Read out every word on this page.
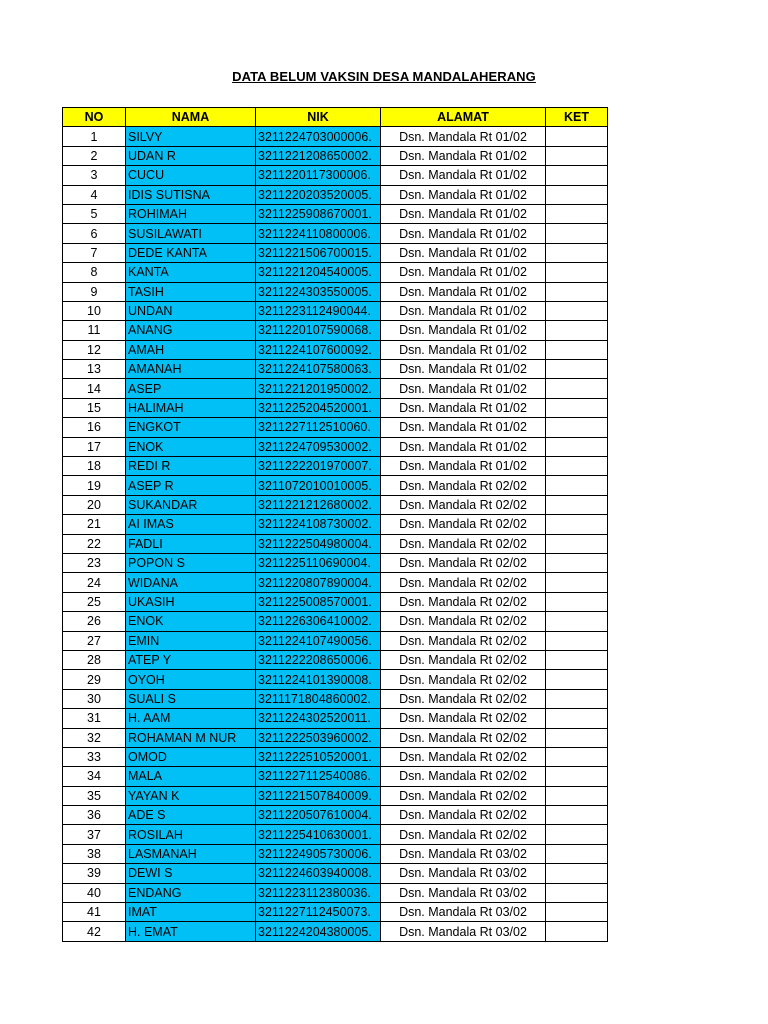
DATA BELUM VAKSIN DESA MANDALAHERANG
NO	NAMA	NIK	ALAMAT	KET
1	SILVY	3211224703000006.	Dsn. Mandala Rt 01/02	
2	UDAN R	3211221208650002.	Dsn. Mandala Rt 01/02	
3	CUCU	3211220117300006.	Dsn. Mandala Rt 01/02	
4	IDIS SUTISNA	3211220203520005.	Dsn. Mandala Rt 01/02	
5	ROHIMAH	3211225908670001.	Dsn. Mandala Rt 01/02	
6	SUSILAWATI	3211224110800006.	Dsn. Mandala Rt 01/02	
7	DEDE KANTA	3211221506700015.	Dsn. Mandala Rt 01/02	
8	KANTA	3211221204540005.	Dsn. Mandala Rt 01/02	
9	TASIH	3211224303550005.	Dsn. Mandala Rt 01/02	
10	UNDAN	3211223112490044.	Dsn. Mandala Rt 01/02	
11	ANANG	3211220107590068.	Dsn. Mandala Rt 01/02	
12	AMAH	3211224107600092.	Dsn. Mandala Rt 01/02	
13	AMANAH	3211224107580063.	Dsn. Mandala Rt 01/02	
14	ASEP	3211221201950002.	Dsn. Mandala Rt 01/02	
15	HALIMAH	3211225204520001.	Dsn. Mandala Rt 01/02	
16	ENGKOT	3211227112510060.	Dsn. Mandala Rt 01/02	
17	ENOK	3211224709530002.	Dsn. Mandala Rt 01/02	
18	REDI R	3211222201970007.	Dsn. Mandala Rt 01/02	
19	ASEP R	3211072010010005.	Dsn. Mandala Rt 02/02	
20	SUKANDAR	3211221212680002.	Dsn. Mandala Rt 02/02	
21	AI IMAS	3211224108730002.	Dsn. Mandala Rt 02/02	
22	FADLI	3211222504980004.	Dsn. Mandala Rt 02/02	
23	POPON S	3211225110690004.	Dsn. Mandala Rt 02/02	
24	WIDANA	3211220807890004.	Dsn. Mandala Rt 02/02	
25	UKASIH	3211225008570001.	Dsn. Mandala Rt 02/02	
26	ENOK	3211226306410002.	Dsn. Mandala Rt 02/02	
27	EMIN	3211224107490056.	Dsn. Mandala Rt 02/02	
28	ATEP Y	3211222208650006.	Dsn. Mandala Rt 02/02	
29	OYOH	3211224101390008.	Dsn. Mandala Rt 02/02	
30	SUALI S	3211171804860002.	Dsn. Mandala Rt 02/02	
31	H. AAM	3211224302520011.	Dsn. Mandala Rt 02/02	
32	ROHAMAN M NUR	3211222503960002.	Dsn. Mandala Rt 02/02	
33	OMOD	3211222510520001.	Dsn. Mandala Rt 02/02	
34	MALA	3211227112540086.	Dsn. Mandala Rt 02/02	
35	YAYAN K	3211221507840009.	Dsn. Mandala Rt 02/02	
36	ADE S	3211220507610004.	Dsn. Mandala Rt 02/02	
37	ROSILAH	3211225410630001.	Dsn. Mandala Rt 02/02	
38	LASMANAH	3211224905730006.	Dsn. Mandala Rt 03/02	
39	DEWI S	3211224603940008.	Dsn. Mandala Rt 03/02	
40	ENDANG	3211223112380036.	Dsn. Mandala Rt 03/02	
41	IMAT	3211227112450073.	Dsn. Mandala Rt 03/02	
42	H. EMAT	3211224204380005.	Dsn. Mandala Rt 03/02	
